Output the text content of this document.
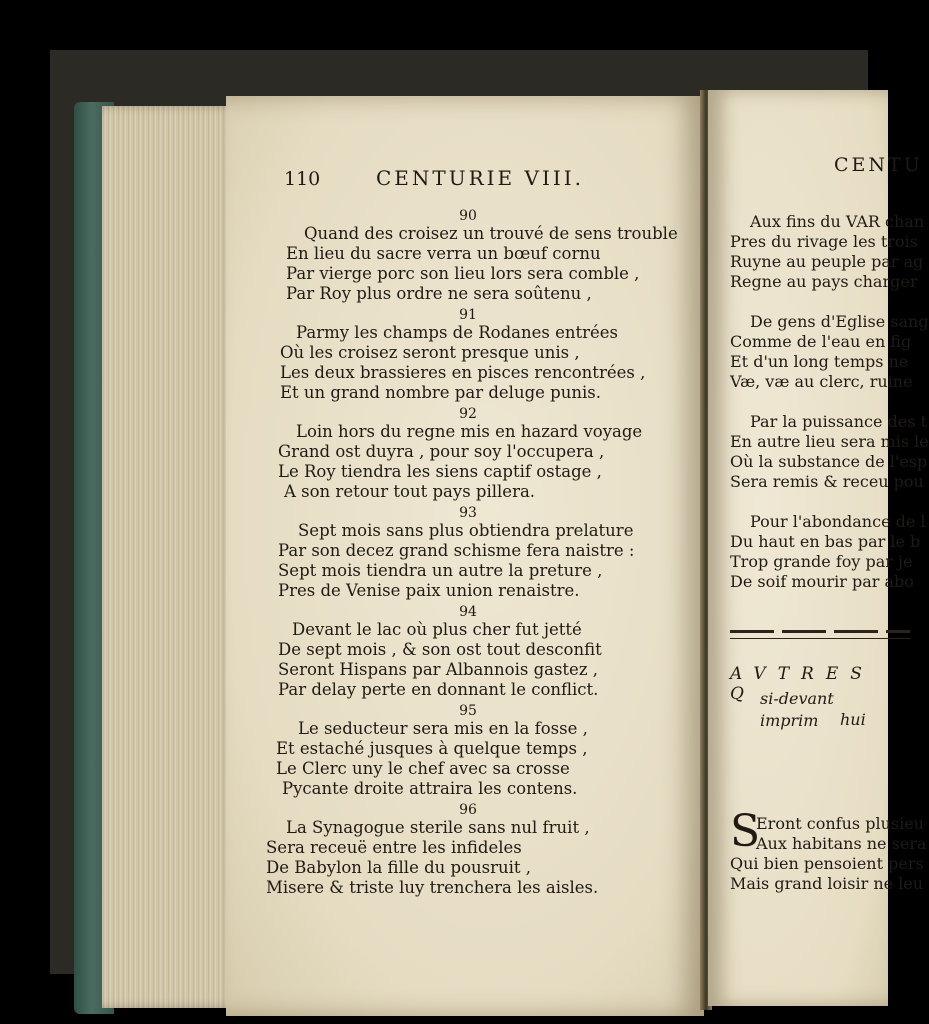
110	CENTURIE VIII.
90
Quand des croisez un trouvé de sens trouble
En lieu du sacre verra un bœuf cornu
Par vierge porc son lieu lors sera comble ,
Par Roy plus ordre ne sera soûtenu ,
91
Parmy les champs de Rodanes entrées
Où les croisez seront presque unis ,
Les deux brassieres en pisces rencontrées ,
Et un grand nombre par deluge punis.
92
Loin hors du regne mis en hazard voyage
Grand ost duyra , pour soy l'occupera ,
Le Roy tiendra les siens captif ostage ,
A son retour tout pays pillera.
93
Sept mois sans plus obtiendra prelature
Par son decez grand schisme fera naistre :
Sept mois tiendra un autre la preture ,
Pres de Venise paix union renaistre.
94
Devant le lac où plus cher fut jetté
De sept mois , & son ost tout desconfit
Seront Hispans par Albannois gastez ,
Par delay perte en donnant le conflict.
95
Le seducteur sera mis en la fosse ,
Et estaché jusques à quelque temps ,
Le Clerc uny le chef avec sa crosse
Pycante droite attraira les contens.
96
La Synagogue sterile sans nul fruit ,
Sera receuë entre les infideles
De Babylon la fille du pousruit ,
Misere & triste luy trenchera les aisles.
CENTU
Aux fins du VAR chan
Pres du rivage les trois
Ruyne au peuple par ag
Regne au pays charger
De gens d'Eglise sang
Comme de l'eau en fig
Et d'un long temps ne
Væ, væ au clerc, ruine
Par la puissance des t
En autre lieu sera mis le
Où la substance de l'esp
Sera remis & receu pou
Pour l'abondance de l
Du haut en bas par le b
Trop grande foy par je
De soif mourir par abo
AVTRES Q si-devant imprim	hui
S
Eront confus plusieu
Aux habitans ne sera
Qui bien pensoient pers
Mais grand loisir ne leu
